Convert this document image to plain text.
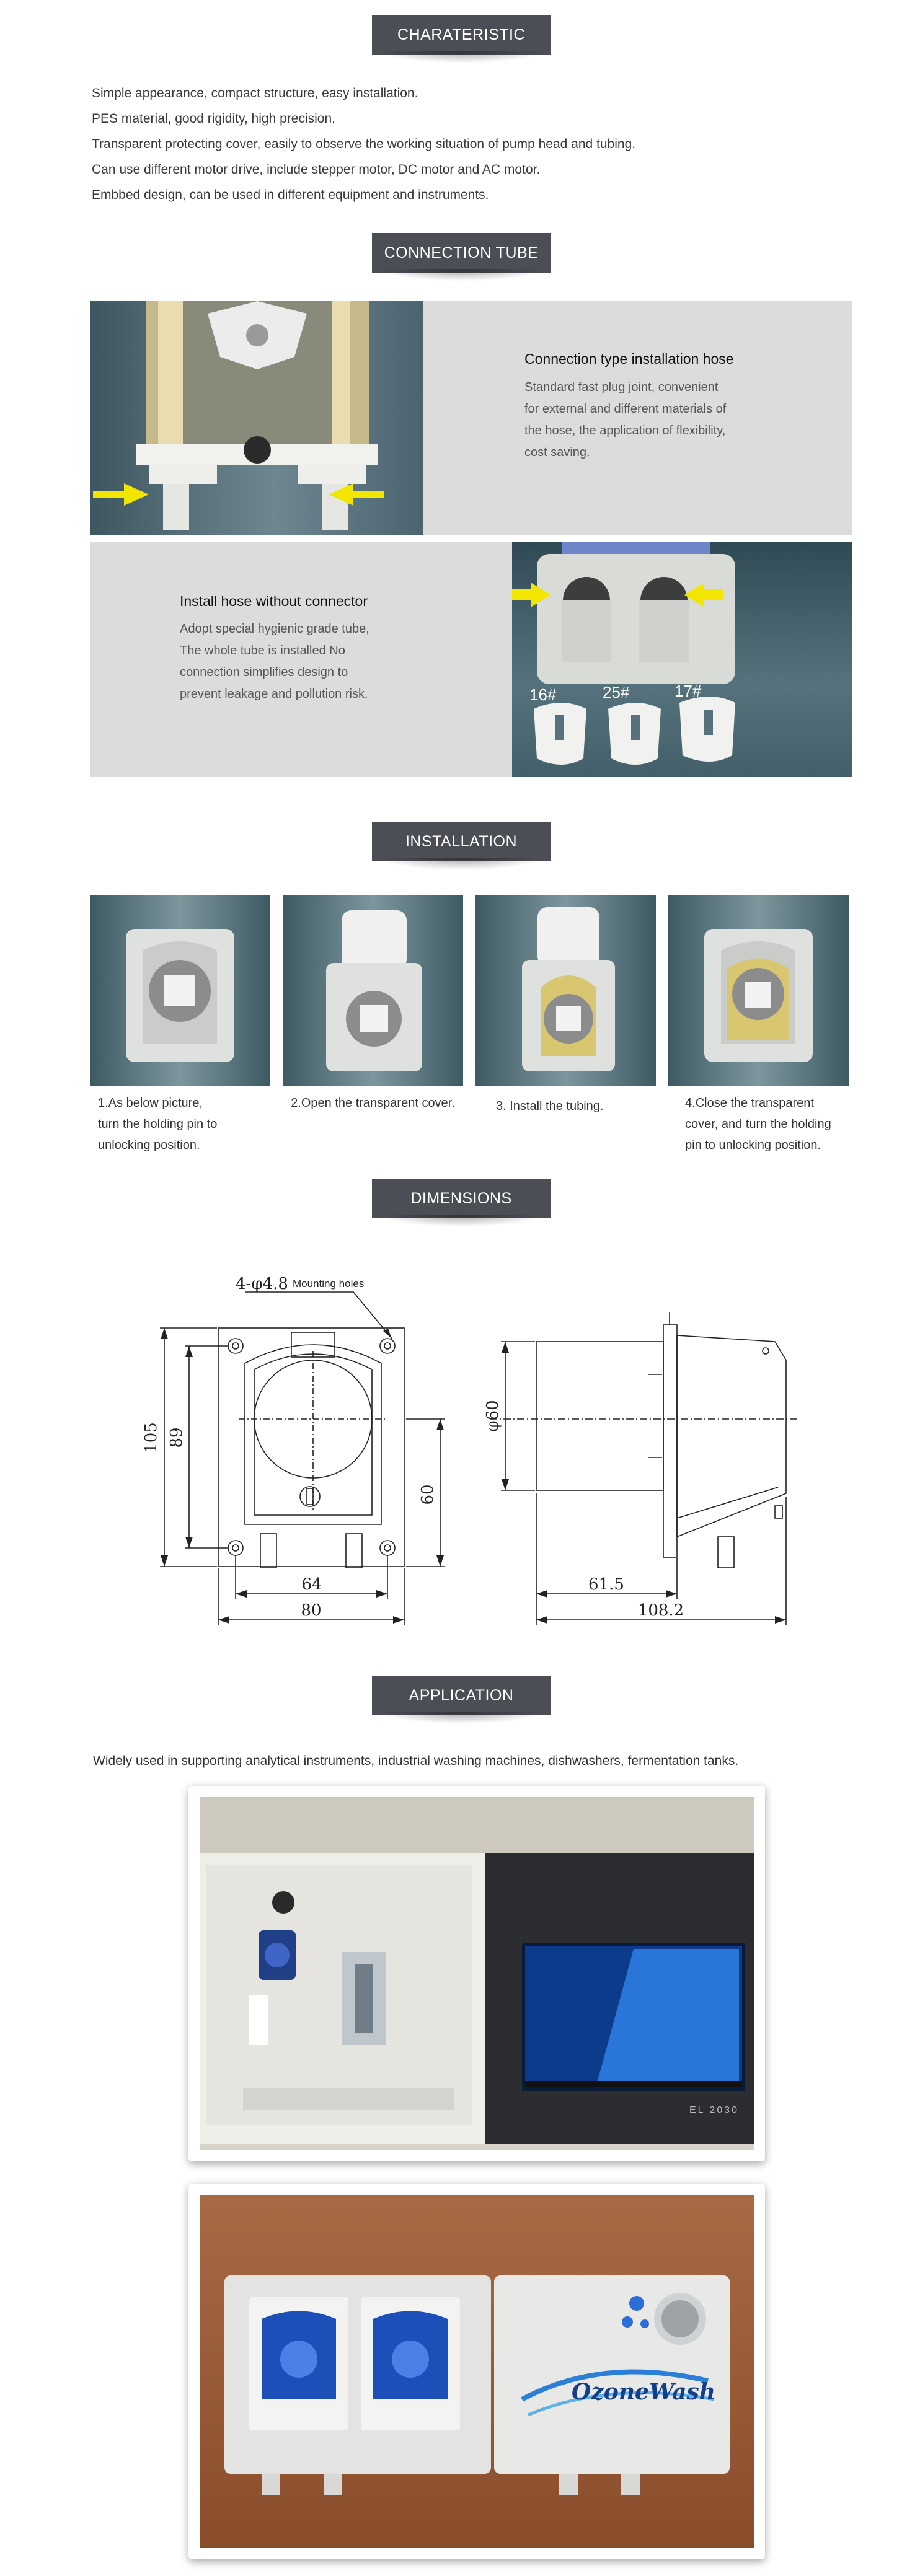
CHARATERISTIC
Simple appearance, compact structure, easy installation.
PES material, good rigidity, high precision.
Transparent protecting cover, easily to observe the working situation of pump head and tubing.
Can use different motor drive, include stepper motor, DC motor and AC motor.
Embbed design, can be used in different equipment and instruments.
CONNECTION TUBE
Connection type installation hose
Standard fast plug joint, convenient
for external and different materials of
the hose, the application of flexibility,
cost saving.
Install hose without connector
Adopt special hygienic grade tube,
The whole tube is installed No
connection simplifies design to
prevent leakage and pollution risk.	16#	25#	17#
INSTALLATION
1.As below picture,
turn the holding pin to
unlocking position.
2.Open the transparent cover.	3. Install the tubing.	4.Close the transparent
cover, and turn the holding
pin to unlocking position.
DIMENSIONS
4-φ4.8 Mounting holes
105 89
60
64
80
φ60
61.5
108.2
APPLICATION
Widely used in supporting analytical instruments, industrial washing machines, dishwashers, fermentation tanks.
EL 2030
OzoneWash
